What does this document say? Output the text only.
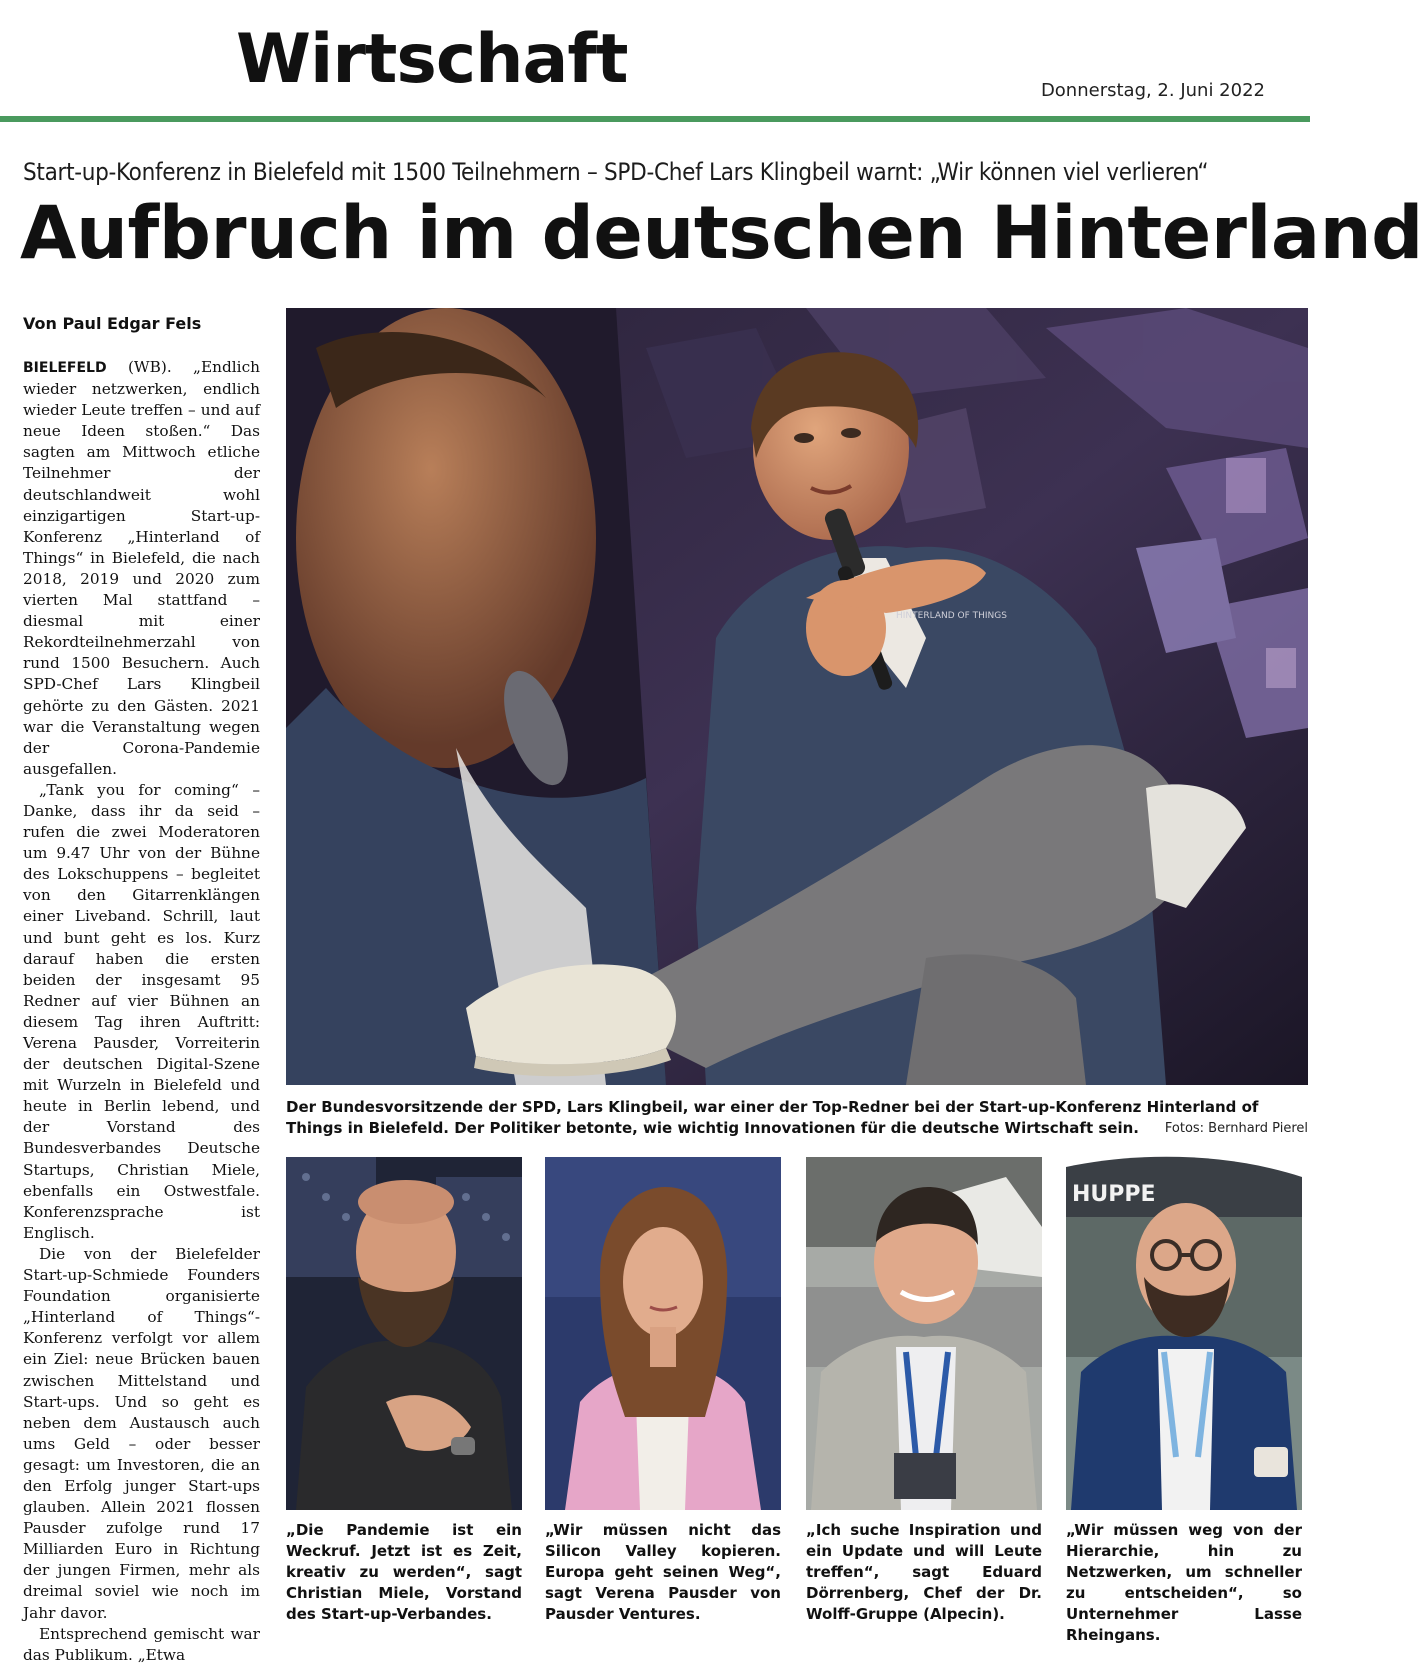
Wirtschaft	Donnerstag, 2. Juni 2022
Start-up-Konferenz in Bielefeld mit 1500 Teilnehmern – SPD-Chef Lars Klingbeil warnt: „Wir können viel verlieren“
Aufbruch im deutschen Hinterland
Von Paul Edgar Fels

BIELEFELD (WB). „Endlich wieder netzwerken, endlich wieder Leute treffen – und auf neue Ideen stoßen.“ Das sagten am Mittwoch etliche Teilnehmer der deutschlandweit wohl einzigartigen Start-up-Konferenz „Hinterland of Things“ in Bielefeld, die nach 2018, 2019 und 2020 zum vierten Mal stattfand – diesmal mit einer Rekordteilnehmerzahl von rund 1500 Besuchern. Auch SPD-Chef Lars Klingbeil gehörte zu den Gästen. 2021 war die Veranstaltung wegen der Corona-Pandemie ausgefallen.

„Tank you for coming“ – Danke, dass ihr da seid – rufen die zwei Moderatoren um 9.47 Uhr von der Bühne des Lokschuppens – begleitet von den Gitarrenklängen einer Liveband. Schrill, laut und bunt geht es los. Kurz darauf haben die ersten beiden der insgesamt 95 Redner auf vier Bühnen an diesem Tag ihren Auftritt: Verena Pausder, Vorreiterin der deutschen Digital-Szene mit Wurzeln in Bielefeld und heute in Berlin lebend, und der Vorstand des Bundesverbandes Deutsche Startups, Christian Miele, ebenfalls ein Ostwestfale. Konferenzsprache ist Englisch.

Die von der Bielefelder Start-up-Schmiede Founders Foundation organisierte „Hinterland of Things“-Konferenz verfolgt vor allem ein Ziel: neue Brücken bauen zwischen Mittelstand und Start-ups. Und so geht es neben dem Austausch auch ums Geld – oder besser gesagt: um Investoren, die an den Erfolg junger Start-ups glauben. Allein 2021 flossen Pausder zufolge rund 17 Milliarden Euro in Richtung der jungen Firmen, mehr als dreimal soviel wie noch im Jahr davor.

Entsprechend gemischt war das Publikum. „Etwa

HINTERLAND OF THINGS
Der Bundesvorsitzende der SPD, Lars Klingbeil, war einer der Top-Redner bei der Start-up-Konferenz Hinterland of Things in Bielefeld. Der Politiker betonte, wie wichtig Innovationen für die deutsche Wirtschaft sein.	Fotos: Bernhard Pierel
„Die Pandemie ist ein Weckruf. Jetzt ist es Zeit, kreativ zu werden“, sagt Christian Miele, Vorstand des Start-up-Verbandes.
„Wir müssen nicht das Silicon Valley kopieren. Europa geht seinen Weg“, sagt Verena Pausder von Pausder Ventures.
„Ich suche Inspiration und ein Update und will Leute treffen“, sagt Eduard Dörrenberg, Chef der Dr. Wolff-Gruppe (Alpecin).
HUPPE
„Wir müssen weg von der Hierarchie, hin zu Netzwerken, um schneller zu entscheiden“, so Unternehmer Lasse Rheingans.
